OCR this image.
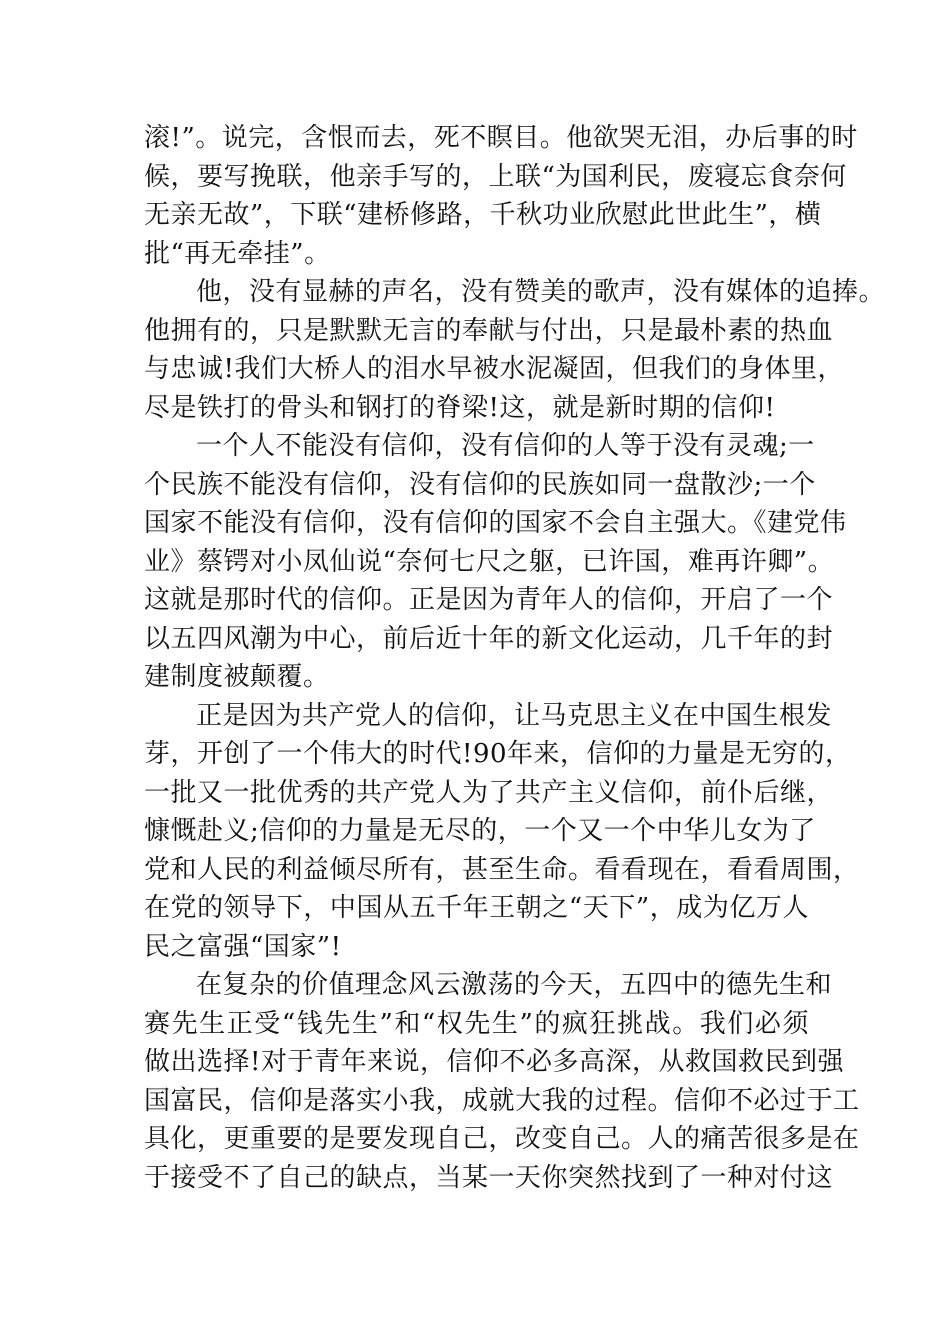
滚!”。说完，含恨而去，死不瞑目。他欲哭无泪，办后事的时
候，要写挽联，他亲手写的，上联“为国利民，废寝忘食奈何
无亲无故”，下联“建桥修路，千秋功业欣慰此世此生”，横
批“再无牵挂”。
他，没有显赫的声名，没有赞美的歌声，没有媒体的追捧。
他拥有的，只是默默无言的奉献与付出，只是最朴素的热血
与忠诚!我们大桥人的泪水早被水泥凝固，但我们的身体里，
尽是铁打的骨头和钢打的脊梁!这，就是新时期的信仰!
一个人不能没有信仰，没有信仰的人等于没有灵魂;一
个民族不能没有信仰，没有信仰的民族如同一盘散沙;一个
国家不能没有信仰，没有信仰的国家不会自主强大。《建党伟
业》蔡锷对小凤仙说“奈何七尺之躯，已许国，难再许卿”。
这就是那时代的信仰。正是因为青年人的信仰，开启了一个
以五四风潮为中心，前后近十年的新文化运动，几千年的封
建制度被颠覆。
正是因为共产党人的信仰，让马克思主义在中国生根发
芽，开创了一个伟大的时代!90年来，信仰的力量是无穷的，
一批又一批优秀的共产党人为了共产主义信仰，前仆后继，
慷慨赴义;信仰的力量是无尽的，一个又一个中华儿女为了
党和人民的利益倾尽所有，甚至生命。看看现在，看看周围，
在党的领导下，中国从五千年王朝之“天下”，成为亿万人
民之富强“国家”!
在复杂的价值理念风云激荡的今天，五四中的德先生和
赛先生正受“钱先生”和“权先生”的疯狂挑战。我们必须
做出选择!对于青年来说，信仰不必多高深，从救国救民到强
国富民，信仰是落实小我，成就大我的过程。信仰不必过于工
具化，更重要的是要发现自己，改变自己。人的痛苦很多是在
于接受不了自己的缺点，当某一天你突然找到了一种对付这
